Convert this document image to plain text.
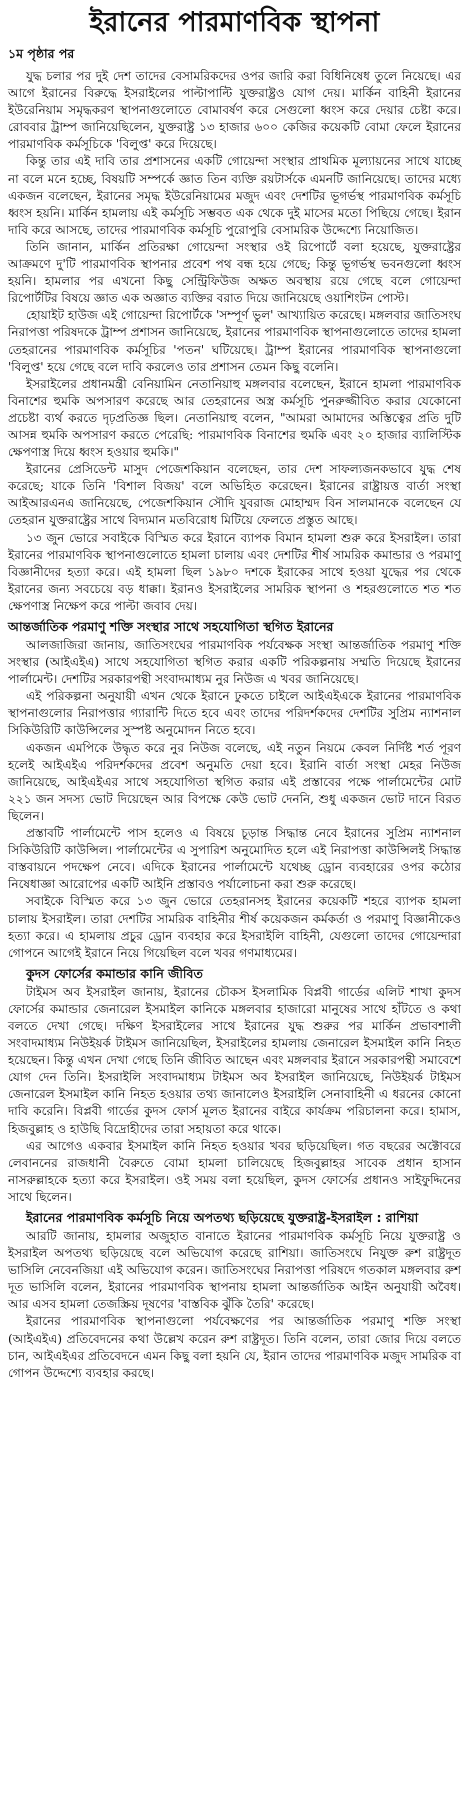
ইরানের পারমাণবিক স্থাপনা
১ম পৃষ্ঠার পর

যুদ্ধ চলার পর দুই দেশ তাদের বেসামরিকদের ওপর জারি করা বিধিনিষেধ তুলে নিয়েছে। এর আগে ইরানের বিরুদ্ধে ইসরাইলের পাল্টাপাল্টি যুক্তরাষ্ট্রও যোগ দেয়। মার্কিন বাহিনী ইরানের ইউরেনিয়াম সমৃদ্ধকরণ স্থাপনাগুলোতে বোমাবর্ষণ করে সেগুলো ধ্বংস করে দেয়ার চেষ্টা করে। রোববার ট্রাম্প জানিয়েছিলেন, যুক্তরাষ্ট্র ১৩ হাজার ৬০০ কেজির কয়েকটি বোমা ফেলে ইরানের পারমাণবিক কর্মসূচিকে 'বিলুপ্ত' করে দিয়েছে।

কিন্তু তার এই দাবি তার প্রশাসনের একটি গোয়েন্দা সংস্থার প্রাথমিক মূল্যায়নের সাথে যাচ্ছে না বলে মনে হচ্ছে, বিষয়টি সম্পর্কে জ্ঞাত তিন ব্যক্তি রয়টার্সকে এমনটি জানিয়েছে। তাদের মধ্যে একজন বলেছেন, ইরানের সমৃদ্ধ ইউরেনিয়ামের মজুদ এবং দেশটির ভূগর্ভস্থ পারমাণবিক কর্মসূচি ধ্বংস হয়নি। মার্কিন হামলায় এই কর্মসূচি সম্ভবত এক থেকে দুই মাসের মতো পিছিয়ে গেছে। ইরান দাবি করে আসছে, তাদের পারমাণবিক কর্মসূচি পুরোপুরি বেসামরিক উদ্দেশ্যে নিয়োজিত।

তিনি জানান, মার্কিন প্রতিরক্ষা গোয়েন্দা সংস্থার ওই রিপোর্টে বলা হয়েছে, যুক্তরাষ্ট্রের আক্রমণে দু'টি পারমাণবিক স্থাপনার প্রবেশ পথ বন্ধ হয়ে গেছে; কিন্তু ভূগর্ভস্থ ভবনগুলো ধ্বংস হয়নি। হামলার পর এখনো কিছু সেন্ট্রিফিউজ অক্ষত অবস্থায় রয়ে গেছে বলে গোয়েন্দা রিপোর্টটির বিষয়ে জ্ঞাত এক অজ্ঞাত ব্যক্তির বরাত দিয়ে জানিয়েছে ওয়াশিংটন পোস্ট।

হোয়াইট হাউজ এই গোয়েন্দা রিপোর্টকে 'সম্পূর্ণ ভুল' আখ্যায়িত করেছে। মঙ্গলবার জাতিসংঘ নিরাপত্তা পরিষদকে ট্রাম্প প্রশাসন জানিয়েছে, ইরানের পারমাণবিক স্থাপনাগুলোতে তাদের হামলা তেহরানের পারমাণবিক কর্মসূচির 'পতন' ঘটিয়েছে। ট্রাম্প ইরানের পারমাণবিক স্থাপনাগুলো 'বিলুপ্ত' হয়ে গেছে বলে দাবি করলেও তার প্রশাসন তেমন কিছু বলেনি।

ইসরাইলের প্রধানমন্ত্রী বেনিয়ামিন নেতানিয়াহু মঙ্গলবার বলেছেন, ইরানে হামলা পারমাণবিক বিনাশের হুমকি অপসারণ করেছে আর তেহরানের অস্ত্র কর্মসূচি পুনরুজ্জীবিত করার যেকোনো প্রচেষ্টা ব্যর্থ করতে দৃঢ়প্রতিজ্ঞ ছিল। নেতানিয়াহু বলেন, "আমরা আমাদের অস্তিত্বের প্রতি দুটি আসন্ন হুমকি অপসারণ করতে পেরেছি: পারমাণবিক বিনাশের হুমকি এবং ২০ হাজার ব্যালিস্টিক ক্ষেপণাস্ত্র দিয়ে ধ্বংস হওয়ার হুমকি।"

ইরানের প্রেসিডেন্ট মাসুদ পেজেশকিয়ান বলেছেন, তার দেশ সাফল্যজনকভাবে যুদ্ধ শেষ করেছে; যাকে তিনি 'বিশাল বিজয়' বলে অভিহিত করেছেন। ইরানের রাষ্ট্রায়ত্ত বার্তা সংস্থা আইআরএনএ জানিয়েছে, পেজেশকিয়ান সৌদি যুবরাজ মোহাম্মদ বিন সালমানকে বলেছেন যে তেহরান যুক্তরাষ্ট্রের সাথে বিদ্যমান মতবিরোধ মিটিয়ে ফেলতে প্রস্তুত আছে।

১৩ জুন ভোরে সবাইকে বিস্মিত করে ইরানে ব্যাপক বিমান হামলা শুরু করে ইসরাইল। তারা ইরানের পারমাণবিক স্থাপনাগুলোতে হামলা চালায় এবং দেশটির শীর্ষ সামরিক কমান্ডার ও পরমাণু বিজ্ঞানীদের হত্যা করে। এই হামলা ছিল ১৯৮০ দশকে ইরাকের সাথে হওয়া যুদ্ধের পর থেকে ইরানের জন্য সবচেয়ে বড় ধাক্কা। ইরানও ইসরাইলের সামরিক স্থাপনা ও শহরগুলোতে শত শত ক্ষেপণাস্ত্র নিক্ষেপ করে পাল্টা জবাব দেয়।

আন্তর্জাতিক পরমাণু শক্তি সংস্থার সাথে সহযোগিতা স্থগিত ইরানের

আলজাজিরা জানায়, জাতিসংঘের পারমাণবিক পর্যবেক্ষক সংস্থা আন্তর্জাতিক পরমাণু শক্তি সংস্থার (আইএইএ) সাথে সহযোগিতা স্থগিত করার একটি পরিকল্পনায় সম্মতি দিয়েছে ইরানের পার্লামেন্ট। দেশটির সরকারপন্থী সংবাদমাধ্যম নুর নিউজ এ খবর জানিয়েছে।

এই পরিকল্পনা অনুযায়ী এখন থেকে ইরানে ঢুকতে চাইলে আইএইএকে ইরানের পারমাণবিক স্থাপনাগুলোর নিরাপত্তার গ্যারান্টি দিতে হবে এবং তাদের পরিদর্শকদের দেশটির সুপ্রিম ন্যাশনাল সিকিউরিটি কাউন্সিলের সুস্পষ্ট অনুমোদন নিতে হবে।

একজন এমপিকে উদ্ধৃত করে নুর নিউজ বলেছে, এই নতুন নিয়মে কেবল নির্দিষ্ট শর্ত পূরণ হলেই আইএইএ পরিদর্শকদের প্রবেশ অনুমতি দেয়া হবে। ইরানি বার্তা সংস্থা মেহর নিউজ জানিয়েছে, আইএইএর সাথে সহযোগিতা স্থগিত করার এই প্রস্তাবের পক্ষে পার্লামেন্টের মোট ২২১ জন সদস্য ভোট দিয়েছেন আর বিপক্ষে কেউ ভোট দেননি, শুধু একজন ভোট দানে বিরত ছিলেন।

প্রস্তাবটি পার্লামেন্টে পাস হলেও এ বিষয়ে চূড়ান্ত সিদ্ধান্ত নেবে ইরানের সুপ্রিম ন্যাশনাল সিকিউরিটি কাউন্সিল। পার্লামেন্টের এ সুপারিশ অনুমোদিত হলে এই নিরাপত্তা কাউন্সিলই সিদ্ধান্ত বাস্তবায়নে পদক্ষেপ নেবে। এদিকে ইরানের পার্লামেন্টে যথেচ্ছ ড্রোন ব্যবহারের ওপর কঠোর নিষেধাজ্ঞা আরোপের একটি আইনি প্রস্তাবও পর্যালোচনা করা শুরু করেছে।

সবাইকে বিস্মিত করে ১৩ জুন ভোরে তেহরানসহ ইরানের কয়েকটি শহরে ব্যাপক হামলা চালায় ইসরাইল। তারা দেশটির সামরিক বাহিনীর শীর্ষ কয়েকজন কর্মকর্তা ও পরমাণু বিজ্ঞানীকেও হত্যা করে। এ হামলায় প্রচুর ড্রোন ব্যবহার করে ইসরাইলি বাহিনী, যেগুলো তাদের গোয়েন্দারা গোপনে আগেই ইরানে নিয়ে গিয়েছিল বলে খবর গণমাধ্যমের।

কুদস ফোর্সের কমান্ডার কানি জীবিত

টাইমস অব ইসরাইল জানায়, ইরানের চৌকস ইসলামিক বিপ্লবী গার্ডের এলিট শাখা কুদস ফোর্সের কমান্ডার জেনারেল ইসমাইল কানিকে মঙ্গলবার হাজারো মানুষের সাথে হাঁটতে ও কথা বলতে দেখা গেছে। দক্ষিণ ইসরাইলের সাথে ইরানের যুদ্ধ শুরুর পর মার্কিন প্রভাবশালী সংবাদমাধ্যম নিউইয়র্ক টাইমস জানিয়েছিল, ইসরাইলের হামলায় জেনারেল ইসমাইল কানি নিহত হয়েছেন। কিন্তু এখন দেখা গেছে তিনি জীবিত আছেন এবং মঙ্গলবার ইরানে সরকারপন্থী সমাবেশে যোগ দেন তিনি। ইসরাইলি সংবাদমাধ্যম টাইমস অব ইসরাইল জানিয়েছে, নিউইয়র্ক টাইমস জেনারেল ইসমাইল কানি নিহত হওয়ার তথ্য জানালেও ইসরাইলি সেনাবাহিনী এ ধরনের কোনো দাবি করেনি। বিপ্লবী গার্ডের কুদস ফোর্স মূলত ইরানের বাইরে কার্যক্রম পরিচালনা করে। হামাস, হিজবুল্লাহ ও হাউছি বিদ্রোহীদের তারা সহায়তা করে থাকে।

এর আগেও একবার ইসমাইল কানি নিহত হওয়ার খবর ছড়িয়েছিল। গত বছরের অক্টোবরে লেবাননের রাজধানী বৈরুতে বোমা হামলা চালিয়েছে হিজবুল্লাহর সাবেক প্রধান হাসান নাসরুল্লাহকে হত্যা করে ইসরাইল। ওই সময় বলা হয়েছিল, কুদস ফোর্সের প্রধানও সাইফুদ্দিনের সাথে ছিলেন।

ইরানের পারমাণবিক কর্মসূচি নিয়ে অপতথ্য ছড়িয়েছে যুক্তরাষ্ট্র-ইসরাইল : রাশিয়া

আরটি জানায়, হামলার অজুহাত বানাতে ইরানের পারমাণবিক কর্মসূচি নিয়ে যুক্তরাষ্ট্র ও ইসরাইল অপতথ্য ছড়িয়েছে বলে অভিযোগ করেছে রাশিয়া। জাতিসংঘে নিযুক্ত রুশ রাষ্ট্রদূত ভাসিলি নেবেনজিয়া এই অভিযোগ করেন। জাতিসংঘের নিরাপত্তা পরিষদে গতকাল মঙ্গলবার রুশ দূত ভাসিলি বলেন, ইরানের পারমাণবিক স্থাপনায় হামলা আন্তর্জাতিক আইন অনুযায়ী অবৈধ। আর এসব হামলা তেজস্ক্রিয় দূষণের 'বাস্তবিক ঝুঁকি তৈরি' করেছে।

ইরানের পারমাণবিক স্থাপনাগুলো পর্যবেক্ষণের পর আন্তর্জাতিক পরমাণু শক্তি সংস্থা (আইএইএ) প্রতিবেদনের কথা উল্লেখ করেন রুশ রাষ্ট্রদূত। তিনি বলেন, তারা জোর দিয়ে বলতে চান, আইএইএর প্রতিবেদনে এমন কিছু বলা হয়নি যে, ইরান তাদের পারমাণবিক মজুদ সামরিক বা গোপন উদ্দেশ্যে ব্যবহার করছে।
